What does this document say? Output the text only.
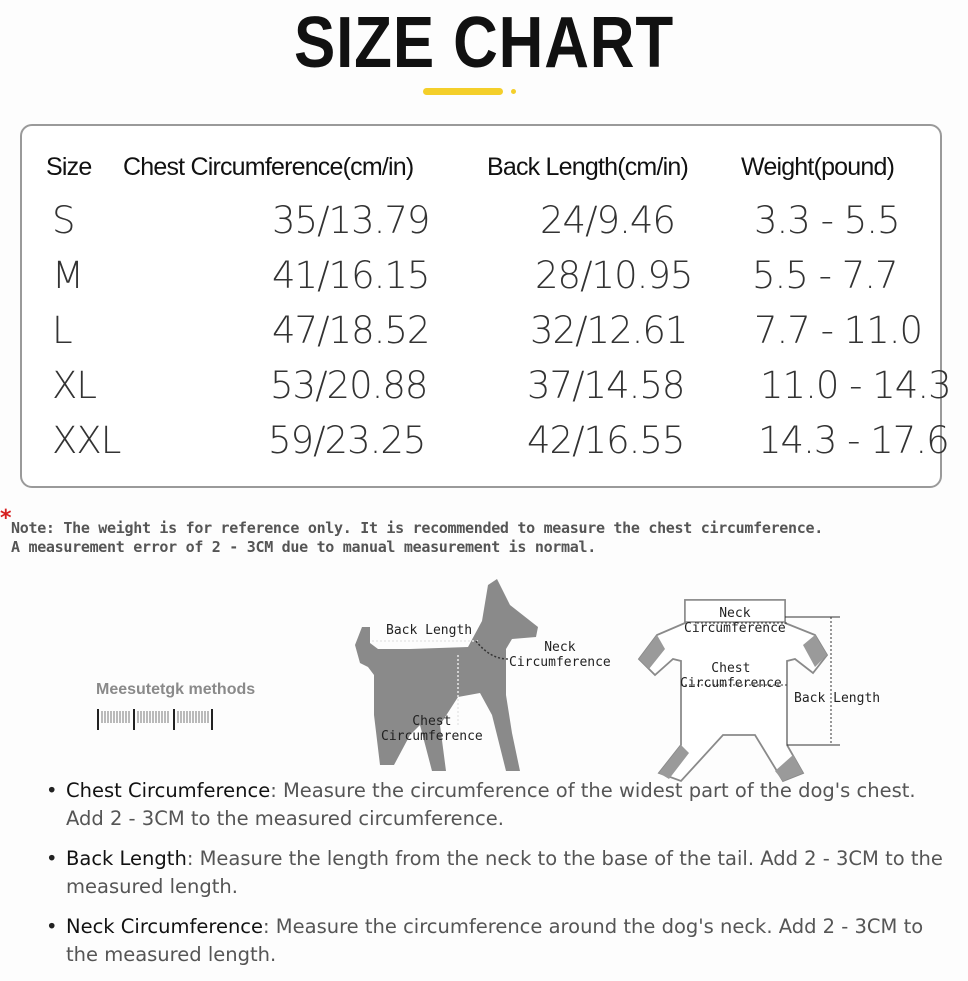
SIZE CHART
Size Chest Circumference(cm/in)	Back Length(cm/in) Weight(pound)
S	35/13.79	24/9.46 3.3 - 5.5
M	41/16.15	28/10.95 5.5 - 7.7
L	47/18.52	32/12.61 7.7 - 11.0
XL	53/20.88	37/14.58 11.0 - 14.3
XXL	59/23.25	42/16.55 14.3 - 17.6
* Note: The weight is for reference only. It is recommended to measure the chest circumference.
A measurement error of 2 - 3CM due to manual measurement is normal.
Meesutetgk methods
Back Length
Neck
Circumference
Chest
Circumference
Neck
Circumference
Chest
Circumference
Back Length
• Chest Circumference: Measure the circumference of the widest part of the dog's chest. Add 2 - 3CM to the measured circumference.
• Back Length: Measure the length from the neck to the base of the tail. Add 2 - 3CM to the measured length.
• Neck Circumference: Measure the circumference around the dog's neck. Add 2 - 3CM to the measured length.
